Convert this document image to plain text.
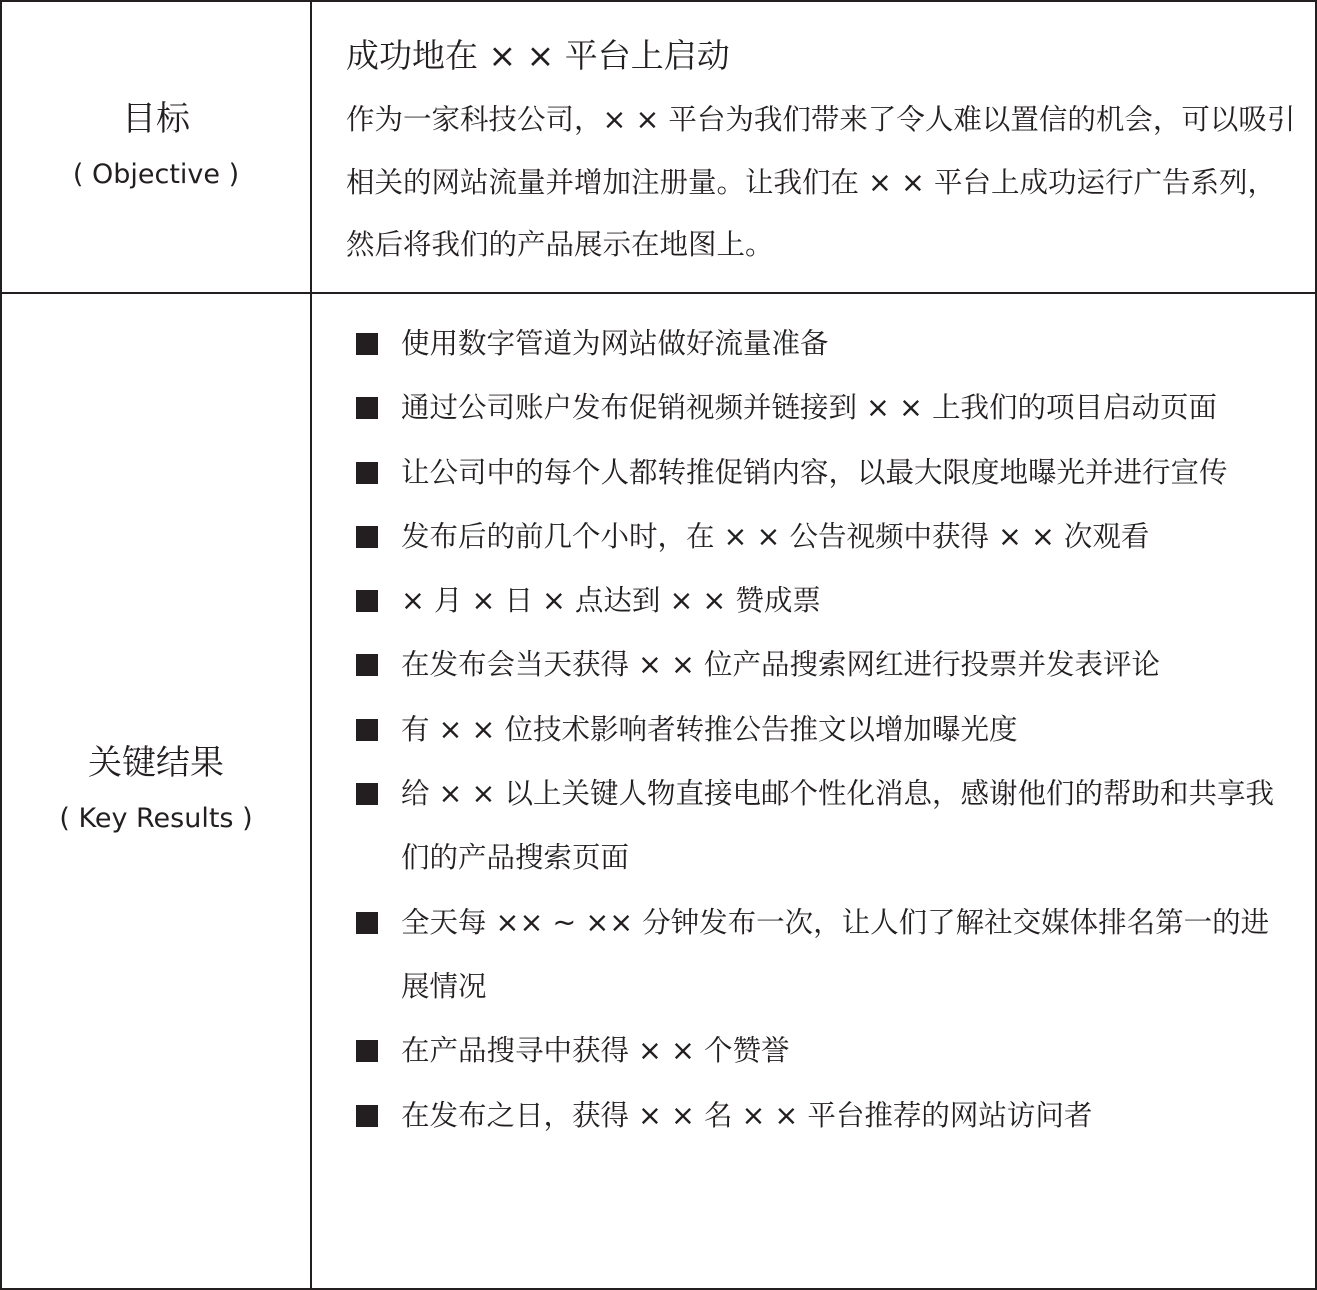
目标
( Objective )
成功地在 × × 平台上启动
作为一家科技公司，× × 平台为我们带来了令人难以置信的机会，可以吸引相关的网站流量并增加注册量。让我们在 × × 平台上成功运行广告系列，然后将我们的产品展示在地图上。
关键结果
( Key Results )
使用数字管道为网站做好流量准备
通过公司账户发布促销视频并链接到 × × 上我们的项目启动页面
让公司中的每个人都转推促销内容，以最大限度地曝光并进行宣传
发布后的前几个小时，在 × × 公告视频中获得 × × 次观看
× 月 × 日 × 点达到 × × 赞成票
在发布会当天获得 × × 位产品搜索网红进行投票并发表评论
有 × × 位技术影响者转推公告推文以增加曝光度
给 × × 以上关键人物直接电邮个性化消息，感谢他们的帮助和共享我们的产品搜索页面
全天每 ×× ~ ×× 分钟发布一次，让人们了解社交媒体排名第一的进展情况
在产品搜寻中获得 × × 个赞誉
在发布之日，获得 × × 名 × × 平台推荐的网站访问者
